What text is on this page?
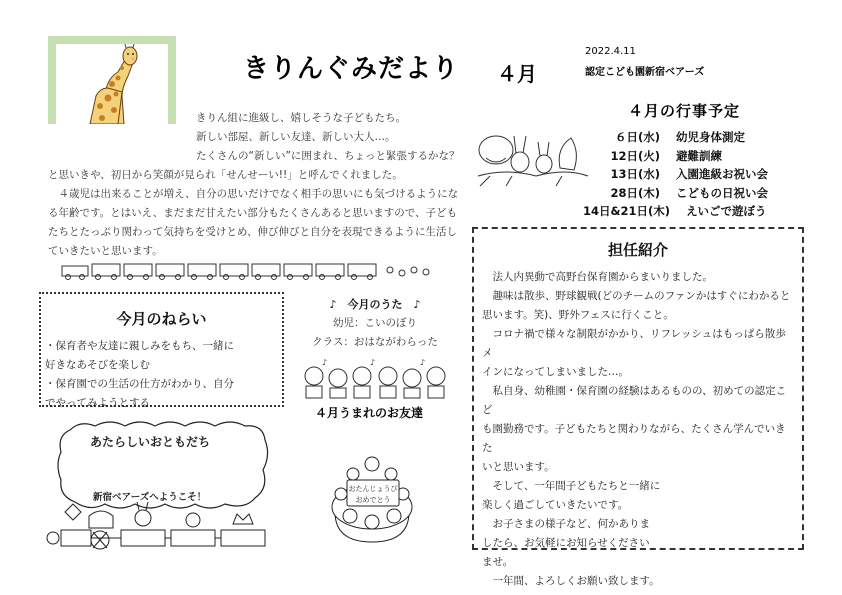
きりんぐみだより ４月
2022.4.11
認定こども園新宿ベアーズ

きりん組に進級し、嬉しそうな子どもたち。

新しい部屋、新しい友達、新しい大人…。

たくさんの“新しい”に囲まれ、ちょっと緊張するかな？

と思いきや、初日から笑顔が見られ「せんせーい!!」と呼んでくれました。

　４歳児は出来ることが増え、自分の思いだけでなく相手の思いにも気づけるようにな

る年齢です。とはいえ、まだまだ甘えたい部分もたくさんあると思いますので、子ども

たちとたっぷり関わって気持ちを受けとめ、伸び伸びと自分を表現できるように生活し

ていきたいと思います。

４月の行事予定
６日(水) 幼児身体測定
12日(火) 避難訓練
13日(水) 入園進級お祝い会
28日(木) こどもの日祝い会
14日&21日(木) えいごで遊ぼう
今月のねらい
・保育者や友達に親しみをもち、一緒に
好きなあそびを楽しむ
・保育園での生活の仕方がわかり、自分
でやってみようとする
♪　今月のうた　♪
幼児：こいのぼり
クラス：おはながわらった
♪	♪	♪
４月うまれのお友達
おたんじょうび
おめでとう
あたらしいおともだち
新宿ベアーズへようこそ！
担任紹介

法人内異動で高野台保育園からまいりました。

趣味は散歩、野球観戦(どのチームのファンかはすぐにわかると

思います。笑)、野外フェスに行くこと。

コロナ禍で様々な制限がかかり、リフレッシュはもっぱら散歩メ

インになってしまいました…。

私自身、幼稚園・保育園の経験はあるものの、初めての認定こど

も園勤務です。子どもたちと関わりながら、たくさん学んでいきた

いと思います。

そして、一年間子どもたちと一緒に

楽しく過ごしていきたいです。

お子さまの様子など、何かありま

したら、お気軽にお知らせください

ませ。

一年間、よろしくお願い致します。
